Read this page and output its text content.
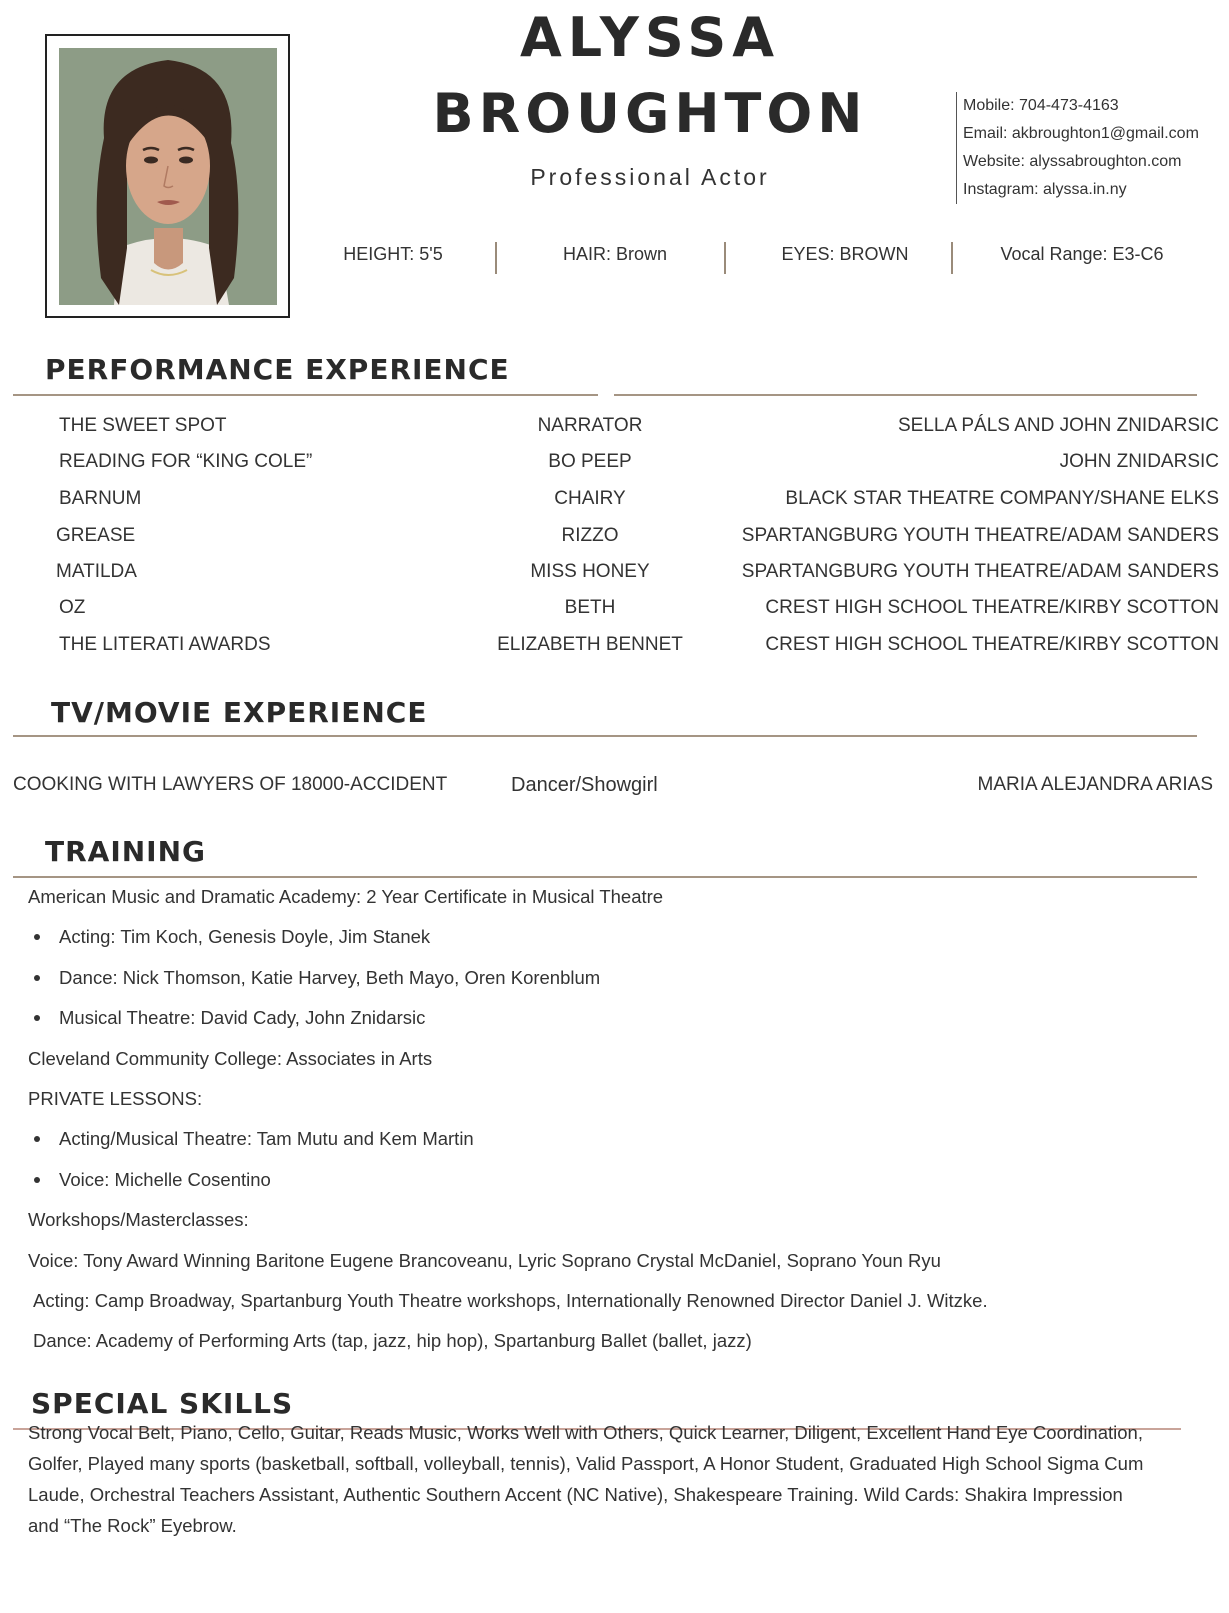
ALYSSA
BROUGHTON
Professional Actor
Mobile: 704-473-4163
Email: akbroughton1@gmail.com
Website: alyssabroughton.com
Instagram: alyssa.in.ny
HEIGHT: 5'5	HAIR: Brown	EYES: BROWN	Vocal Range: E3-C6
PERFORMANCE EXPERIENCE
THE SWEET SPOT	NARRATOR	SELLA PÁLS AND JOHN ZNIDARSIC
READING FOR “KING COLE”	BO PEEP	JOHN ZNIDARSIC
BARNUM	CHAIRY	BLACK STAR THEATRE COMPANY/SHANE ELKS
GREASE	RIZZO	SPARTANGBURG YOUTH THEATRE/ADAM SANDERS
MATILDA	MISS HONEY	SPARTANGBURG YOUTH THEATRE/ADAM SANDERS
OZ	BETH	CREST HIGH SCHOOL THEATRE/KIRBY SCOTTON
THE LITERATI AWARDS	ELIZABETH BENNET	CREST HIGH SCHOOL THEATRE/KIRBY SCOTTON
TV/MOVIE EXPERIENCE
COOKING WITH LAWYERS OF 18000-ACCIDENT	Dancer/Showgirl	MARIA ALEJANDRA ARIAS
TRAINING
American Music and Dramatic Academy: 2 Year Certificate in Musical Theatre
Acting: Tim Koch, Genesis Doyle, Jim Stanek
Dance: Nick Thomson, Katie Harvey, Beth Mayo, Oren Korenblum
Musical Theatre: David Cady, John Znidarsic
Cleveland Community College: Associates in Arts
PRIVATE LESSONS:
Acting/Musical Theatre: Tam Mutu and Kem Martin
Voice: Michelle Cosentino
Workshops/Masterclasses:
Voice: Tony Award Winning Baritone Eugene Brancoveanu, Lyric Soprano Crystal McDaniel, Soprano Youn Ryu
Acting: Camp Broadway, Spartanburg Youth Theatre workshops, Internationally Renowned Director Daniel J. Witzke.
Dance: Academy of Performing Arts (tap, jazz, hip hop), Spartanburg Ballet (ballet, jazz)
SPECIAL SKILLS
Strong Vocal Belt, Piano, Cello, Guitar, Reads Music, Works Well with Others, Quick Learner, Diligent, Excellent Hand Eye Coordination, Golfer, Played many sports (basketball, softball, volleyball, tennis), Valid Passport, A Honor Student, Graduated High School Sigma Cum Laude, Orchestral Teachers Assistant, Authentic Southern Accent (NC Native), Shakespeare Training. Wild Cards: Shakira Impression and “The Rock” Eyebrow.
